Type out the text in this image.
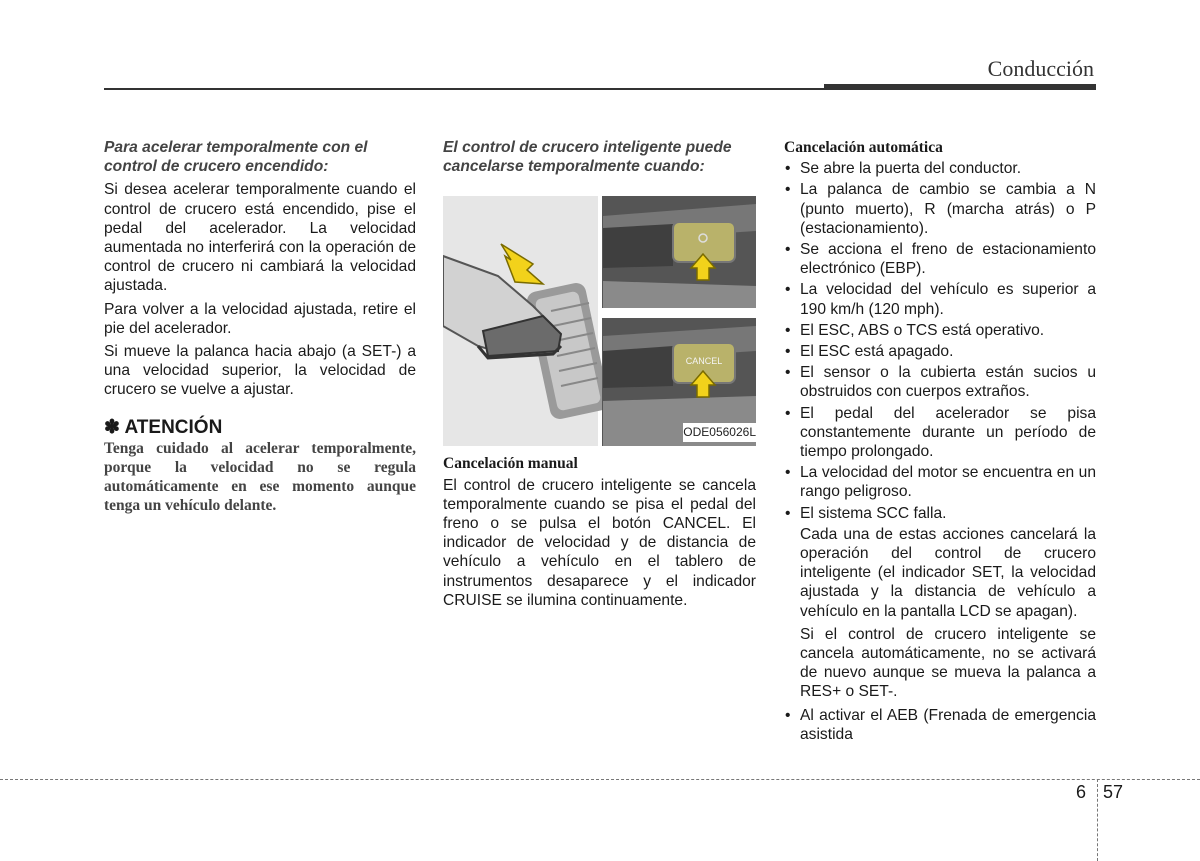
Conducción
Para acelerar temporalmente con el control de crucero encendido:

Si desea acelerar temporalmente cuando el control de crucero está encendido, pise el pedal del acelerador. La velocidad aumentada no interferirá con la operación de control de crucero ni cambiará la velocidad ajustada.

Para volver a la velocidad ajustada, retire el pie del acelerador.

Si mueve la palanca hacia abajo (a SET-) a una velocidad superior, la velocidad de crucero se vuelve a ajustar.

✽ ATENCIÓN
Tenga cuidado al acelerar temporalmente, porque la velocidad no se regula automáticamente en ese momento aunque tenga un vehículo delante.
El control de crucero inteligente puede cancelarse temporalmente cuando:
CANCEL
ODE056026L
Cancelación manual

El control de crucero inteligente se cancela temporalmente cuando se pisa el pedal del freno o se pulsa el botón CANCEL. El indicador de velocidad y de distancia de vehículo a vehículo en el tablero de instrumentos desaparece y el indicador CRUISE se ilumina continuamente.

Cancelación automática
• Se abre la puerta del conductor.
• La palanca de cambio se cambia a N (punto muerto), R (marcha atrás) o P (estacionamiento).
• Se acciona el freno de estacionamiento electrónico (EBP).
• La velocidad del vehículo es superior a 190 km/h (120 mph).
• El ESC, ABS o TCS está operativo.
• El ESC está apagado.
• El sensor o la cubierta están sucios u obstruidos con cuerpos extraños.
• El pedal del acelerador se pisa constantemente durante un período de tiempo prolongado.
• La velocidad del motor se encuentra en un rango peligroso.
• El sistema SCC falla.

Cada una de estas acciones cancelará la operación del control de crucero inteligente (el indicador SET, la velocidad ajustada y la distancia de vehículo a vehículo en la pantalla LCD se apagan).

Si el control de crucero inteligente se cancela automáticamente, no se activará de nuevo aunque se mueva la palanca a RES+ o SET-.

• Al activar el AEB (Frenada de emergencia asistida
6 57
